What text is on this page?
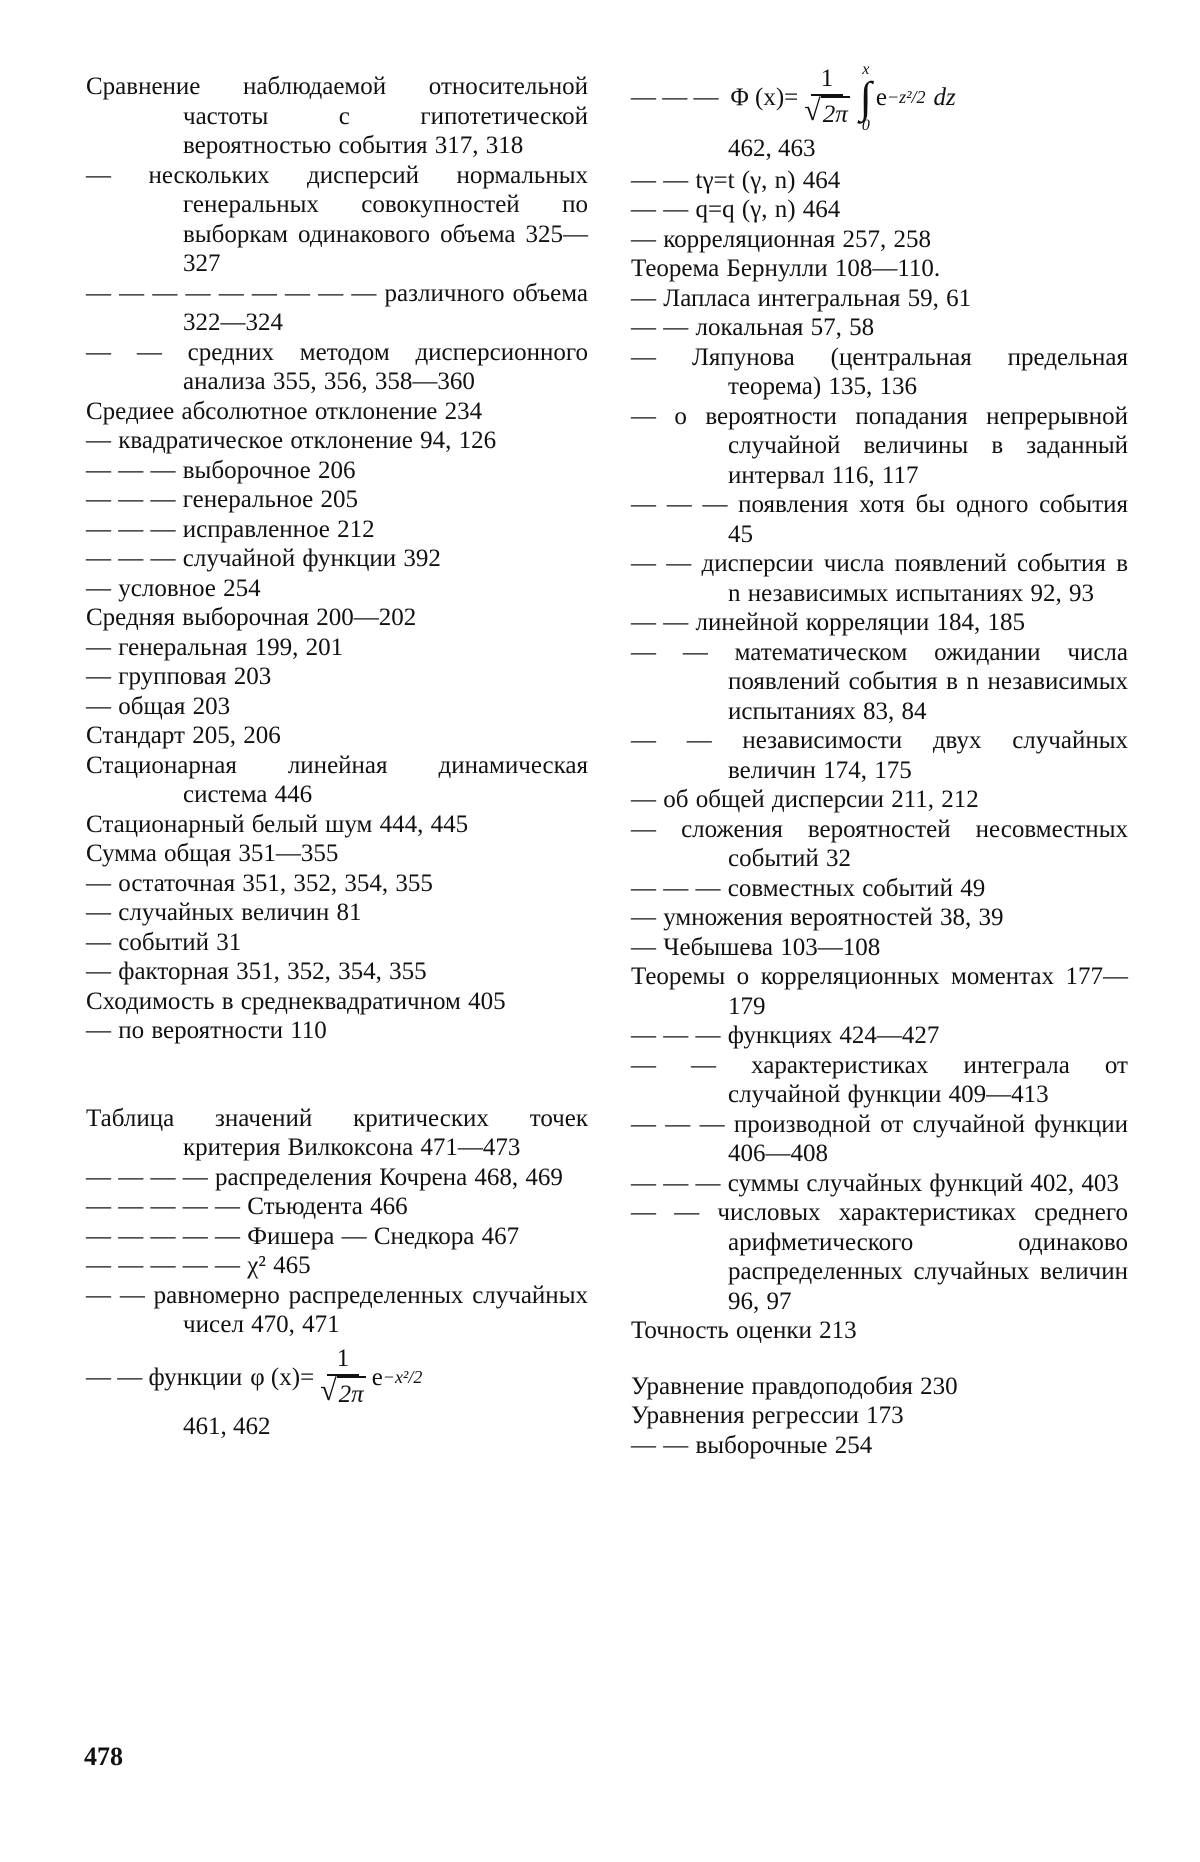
Сравнение наблюдаемой относительной частоты с гипотетической вероятностью события 317, 318
— нескольких дисперсий нормальных генеральных совокупностей по выборкам одинакового объема 325—327
— — — — — — — — — различного объема 322—324
— — средних методом дисперсионного анализа 355, 356, 358—360
Средиее абсолютное отклонение 234
— квадратическое отклонение 94, 126
— — — выборочное 206
— — — генеральное 205
— — — исправленное 212
— — — случайной функции 392
— условное 254
Средняя выборочная 200—202
— генеральная 199, 201
— групповая 203
— общая 203
Стандарт 205, 206
Стационарная линейная динамическая система 446
Стационарный белый шум 444, 445
Сумма общая 351—355
— остаточная 351, 352, 354, 355
— случайных величин 81
— событий 31
— факторная 351, 352, 354, 355
Сходимость в среднеквадратичном 405
— по вероятности 110
Таблица значений критических точек критерия Вилкоксона 471—473
— — — — распределения Кочрена 468, 469
— — — — — Стьюдента 466
— — — — — Фишера — Снедкора 467
— — — — — χ² 465
— — равномерно распределенных случайных чисел 470, 471
— — функции φ $(x)= \frac{1}{√ 2\pi}$ e −x²/2
461, 462
— — — Φ $(x)= \frac{1}{√ 2\pi}$ x
∫
0
e −z²/2 dz
462, 463
— — tγ=t (γ, n) 464
— — q=q (γ, n) 464
— корреляционная 257, 258
Теорема Бернулли 108—110.
— Лапласа интегральная 59, 61
— — локальная 57, 58
— Ляпунова (центральная предельная теорема) 135, 136
— о вероятности попадания непрерывной случайной величины в заданный интервал 116, 117
— — — появления хотя бы одного события 45
— — дисперсии числа появлений события в n независимых испытаниях 92, 93
— — линейной корреляции 184, 185
— — математическом ожидании числа появлений события в n независимых испытаниях 83, 84
— — независимости двух случайных величин 174, 175
— об общей дисперсии 211, 212
— сложения вероятностей несовместных событий 32
— — — совместных событий 49
— умножения вероятностей 38, 39
— Чебышева 103—108
Теоремы о корреляционных моментах 177—179
— — — функциях 424—427
— — характеристиках интеграла от случайной функции 409—413
— — — производной от случайной функции 406—408
— — — суммы случайных функций 402, 403
— — числовых характеристиках среднего арифметического одинаково распределенных случайных величин 96, 97
Точность оценки 213
Уравнение правдоподобия 230
Уравнения регрессии 173
— — выборочные 254
478
